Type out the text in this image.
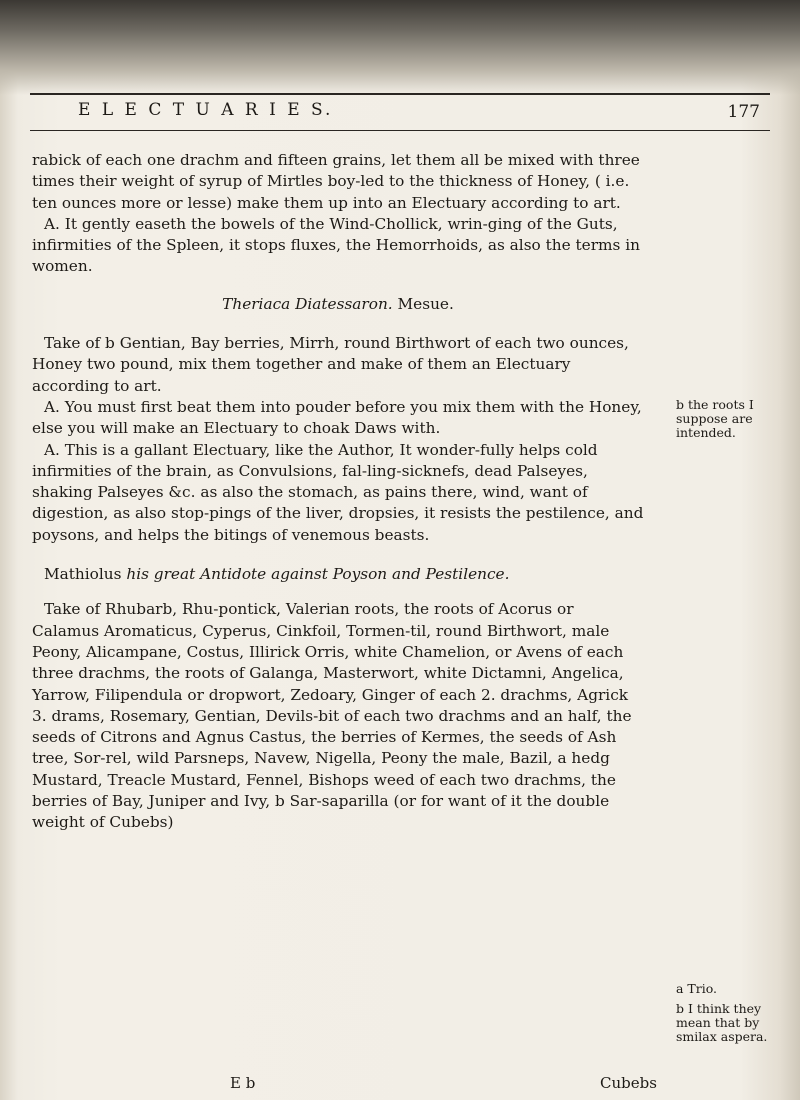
E L E C T U A R I E S.	177

rabick of each one drachm and fifteen grains, let them all be mixed with three times their weight of syrup of Mirtles boy-led to the thickness of Honey, ( i.e. ten ounces more or lesse) make them up into an Electuary according to art.

A. It gently easeth the bowels of the Wind-Chollick, wrin-ging of the Guts, infirmities of the Spleen, it stops fluxes, the Hemorrhoids, as also the terms in women.

Theriaca Diatessaron. Mesue.

Take of b Gentian, Bay berries, Mirrh, round Birthwort of each two ounces, Honey two pound, mix them together and make of them an Electuary according to art.

A. You must first beat them into pouder before you mix them with the Honey, else you will make an Electuary to choak Daws with.

A. This is a gallant Electuary, like the Author, It wonder-fully helps cold infirmities of the brain, as Convulsions, fal-ling-sicknefs, dead Palseyes, shaking Palseyes &c. as also the stomach, as pains there, wind, want of digestion, as also stop-pings of the liver, dropsies, it resists the pestilence, and poysons, and helps the bitings of venemous beasts.

Mathiolus his great Antidote against Poyson and Pestilence.

Take of Rhubarb, Rhu-pontick, Valerian roots, the roots of Acorus or Calamus Aromaticus, Cyperus, Cinkfoil, Tormen-til, round Birthwort, male Peony, Alicampane, Costus, Illirick Orris, white Chamelion, or Avens of each three drachms, the roots of Galanga, Masterwort, white Dictamni, Angelica, Yarrow, Filipendula or dropwort, Zedoary, Ginger of each 2. drachms, Agrick 3. drams, Rosemary, Gentian, Devils-bit of each two drachms and an half, the seeds of Citrons and Agnus Castus, the berries of Kermes, the seeds of Ash tree, Sor-rel, wild Parsneps, Navew, Nigella, Peony the male, Bazil, a hedg Mustard, Treacle Mustard, Fennel, Bishops weed of each two drachms, the berries of Bay, Juniper and Ivy, b Sar-saparilla (or for want of it the double weight of Cubebs)

b the roots I
suppose are
intended.
a Trio.
b I think they
mean that by
smilax aspera.
E b	Cubebs
